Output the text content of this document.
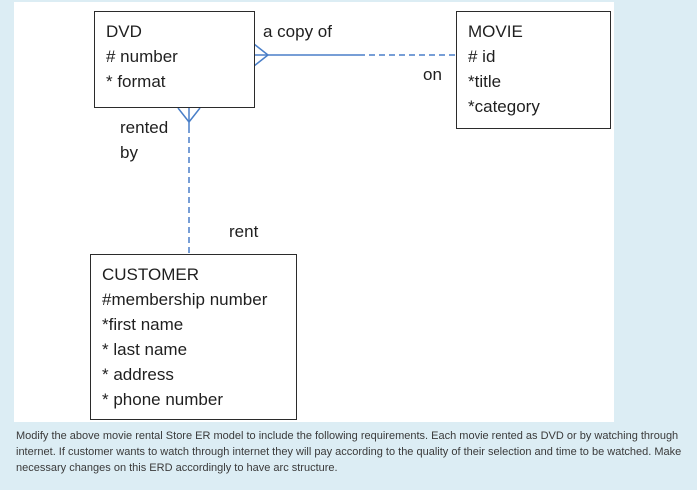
DVD
# number
* format
MOVIE
# id
*title
*category
CUSTOMER
#membership number
*first name
* last name
* address
* phone number
a copy of
on
rented by
rent
Modify the above movie rental Store ER model to include the following requirements. Each movie rented as DVD or by watching through internet. If customer wants to watch through internet they will pay according to the quality of their selection and time to be watched. Make necessary changes on this ERD accordingly to have arc structure.
